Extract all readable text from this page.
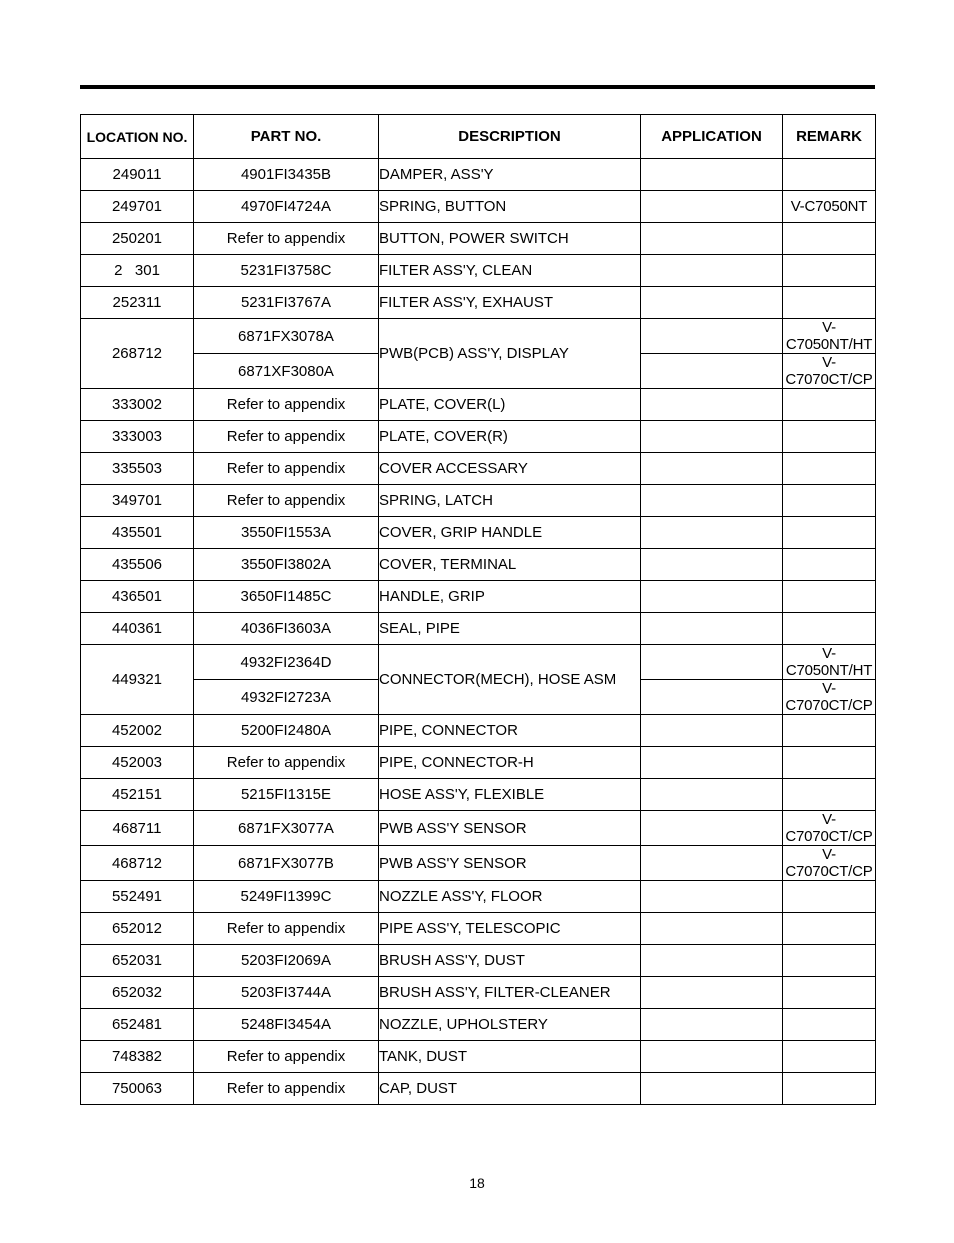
LOCATION NO.	PART NO.	DESCRIPTION	APPLICATION	REMARK
249011	4901FI3435B	DAMPER, ASS'Y		
249701	4970FI4724A	SPRING, BUTTON		V-C7050NT
250201	Refer to appendix	BUTTON, POWER SWITCH		
2   301	5231FI3758C	FILTER ASS'Y, CLEAN		
252311	5231FI3767A	FILTER ASS'Y, EXHAUST		
268712	6871FX3078A	PWB(PCB) ASS'Y, DISPLAY		V-C7050NT/HT
	6871XF3080A			V-C7070CT/CP
333002	Refer to appendix	PLATE, COVER(L)		
333003	Refer to appendix	PLATE, COVER(R)		
335503	Refer to appendix	COVER ACCESSARY		
349701	Refer to appendix	SPRING, LATCH		
435501	3550FI1553A	COVER, GRIP HANDLE		
435506	3550FI3802A	COVER, TERMINAL		
436501	3650FI1485C	HANDLE, GRIP		
440361	4036FI3603A	SEAL, PIPE		
449321	4932FI2364D	CONNECTOR(MECH), HOSE ASM		V-C7050NT/HT
	4932FI2723A			V-C7070CT/CP
452002	5200FI2480A	PIPE, CONNECTOR		
452003	Refer to appendix	PIPE, CONNECTOR-H		
452151	5215FI1315E	HOSE ASS'Y, FLEXIBLE		
468711	6871FX3077A	PWB ASS'Y SENSOR		V-C7070CT/CP
468712	6871FX3077B	PWB ASS'Y SENSOR		V-C7070CT/CP
552491	5249FI1399C	NOZZLE ASS'Y, FLOOR		
652012	Refer to appendix	PIPE ASS'Y, TELESCOPIC		
652031	5203FI2069A	BRUSH ASS'Y, DUST		
652032	5203FI3744A	BRUSH ASS'Y, FILTER-CLEANER		
652481	5248FI3454A	NOZZLE, UPHOLSTERY		
748382	Refer to appendix	TANK, DUST		
750063	Refer to appendix	CAP, DUST		
18
